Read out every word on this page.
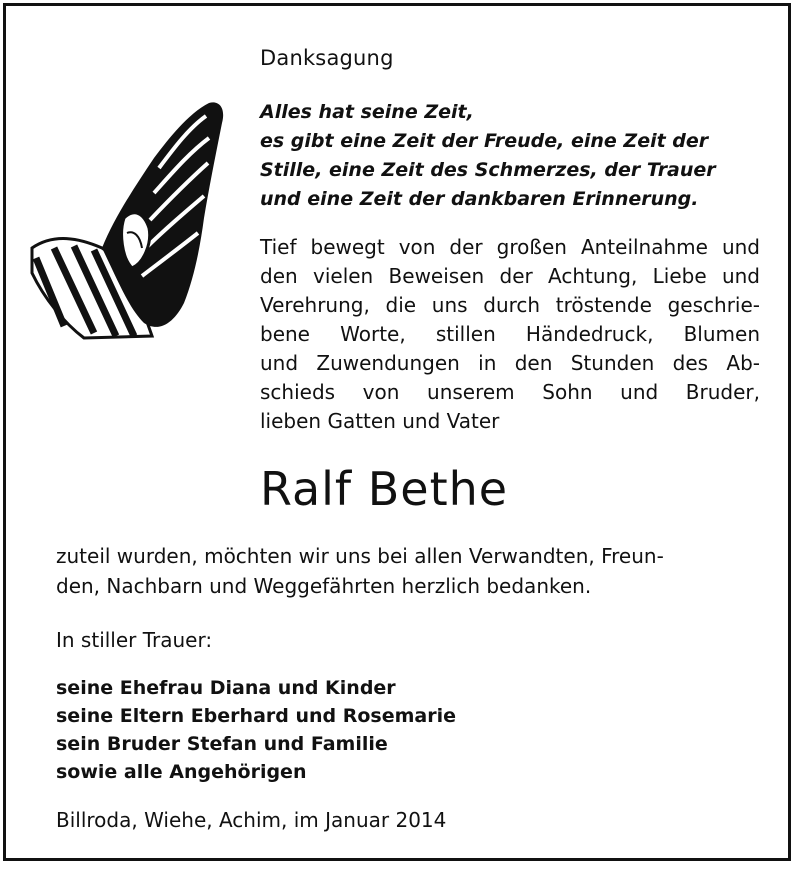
Danksagung
Alles hat seine Zeit,
es gibt eine Zeit der Freude, eine Zeit der
Stille, eine Zeit des Schmerzes, der Trauer
und eine Zeit der dankbaren Erinnerung.
Tief bewegt von der großen Anteilnahme und
den vielen Beweisen der Achtung, Liebe und
Verehrung, die uns durch tröstende geschrie-
bene Worte, stillen Händedruck, Blumen
und Zuwendungen in den Stunden des Ab-
schieds von unserem Sohn und Bruder,
lieben Gatten und Vater
Ralf Bethe
zuteil wurden, möchten wir uns bei allen Verwandten, Freun-
den, Nachbarn und Weggefährten herzlich bedanken.
In stiller Trauer:
seine Ehefrau Diana und Kinder
seine Eltern Eberhard und Rosemarie
sein Bruder Stefan und Familie
sowie alle Angehörigen
Billroda, Wiehe, Achim, im Januar 2014
